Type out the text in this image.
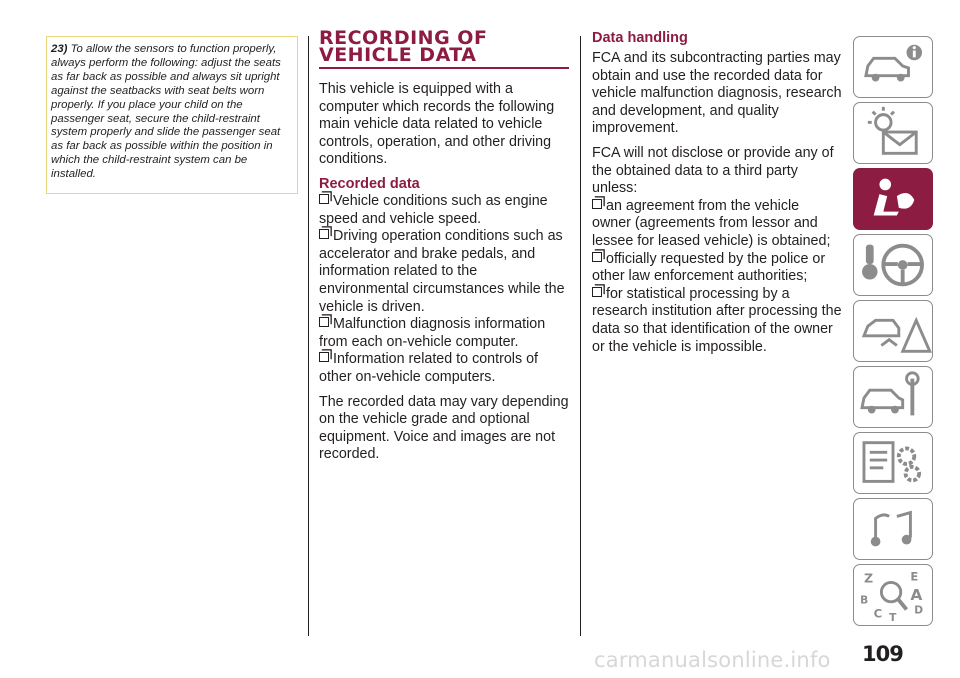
23) To allow the sensors to function properly, always perform the following: adjust the seats as far back as possible and always sit upright against the seatbacks with seat belts worn properly. If you place your child on the passenger seat, secure the child-restraint system properly and slide the passenger seat as far back as possible within the position in which the child-restraint system can be installed.
RECORDING OF VEHICLE DATA

This vehicle is equipped with a computer which records the following main vehicle data related to vehicle controls, operation, and other driving conditions.

Recorded data

Vehicle conditions such as engine speed and vehicle speed.

Driving operation conditions such as accelerator and brake pedals, and information related to the environmental circumstances while the vehicle is driven.

Malfunction diagnosis information from each on-vehicle computer.

Information related to controls of other on-vehicle computers.

The recorded data may vary depending on the vehicle grade and optional equipment. Voice and images are not recorded.

Data handling

FCA and its subcontracting parties may obtain and use the recorded data for vehicle malfunction diagnosis, research and development, and quality improvement.

FCA will not disclose or provide any of the obtained data to a third party unless:

an agreement from the vehicle owner (agreements from lessor and lessee for leased vehicle) is obtained;

officially requested by the police or other law enforcement authorities;

for statistical processing by a research institution after processing the data so that identification of the owner or the vehicle is impossible.

Z	E
B	A
C T
D
109
carmanualsonline.info
